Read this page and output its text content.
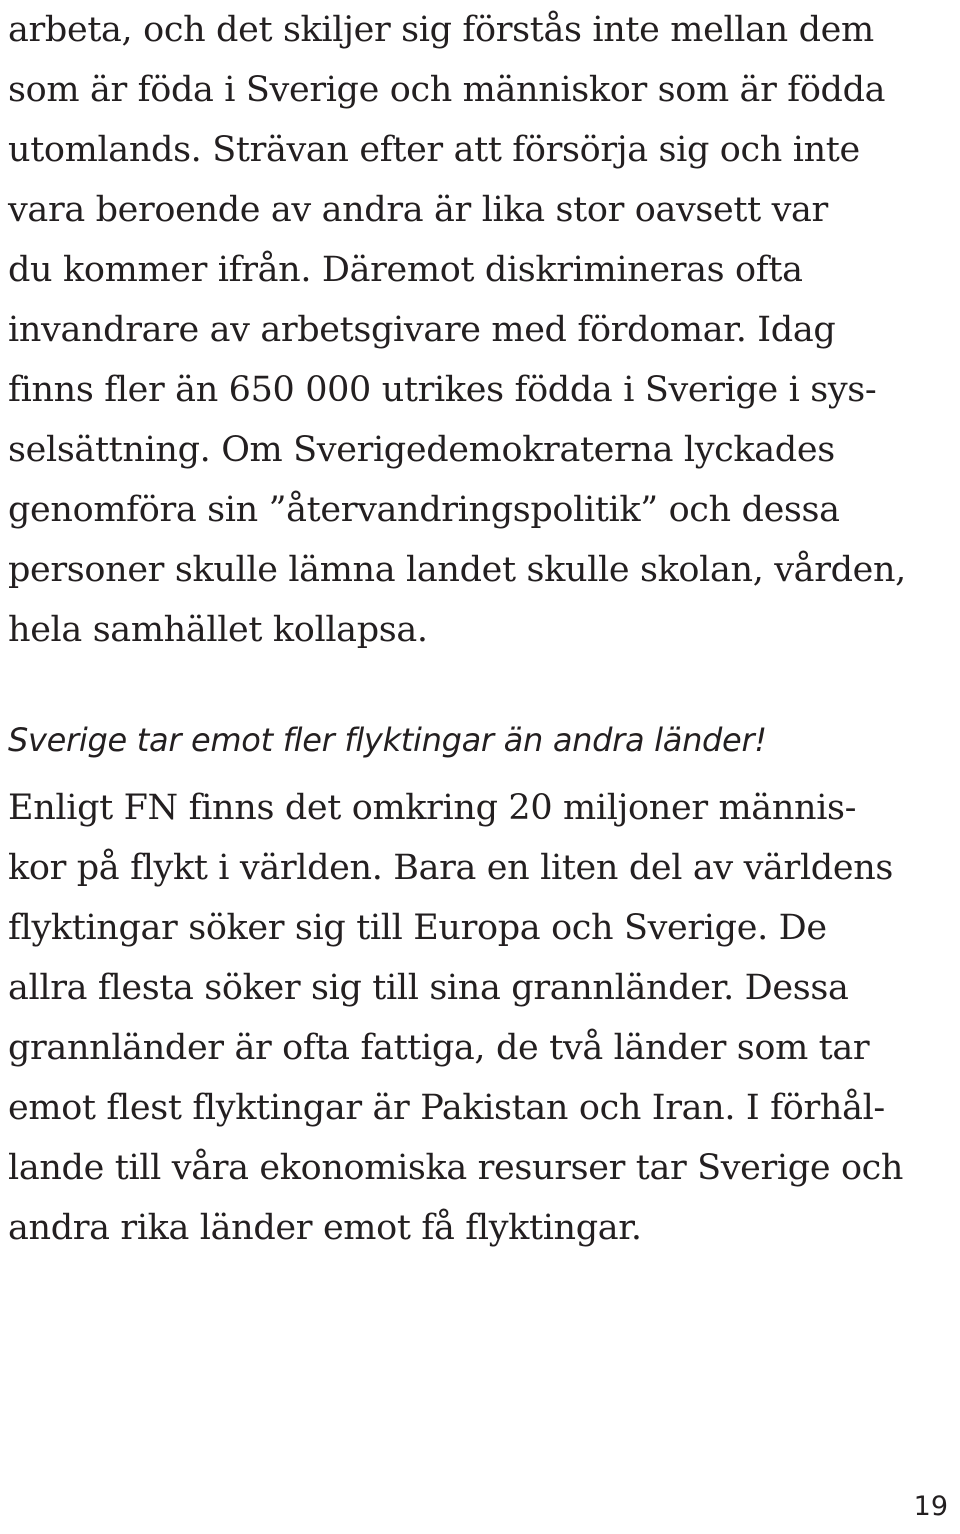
arbeta, och det skiljer sig förstås inte mellan dem
som är föda i Sverige och människor som är födda
utomlands. Strävan efter att försörja sig och inte
vara beroende av andra är lika stor oavsett var
du kommer ifrån. Däremot diskrimineras ofta
invandrare av arbetsgivare med fördomar. Idag
finns fler än 650 000 utrikes födda i Sverige i sys-
selsättning. Om Sverigedemokraterna lyckades
genomföra sin ”återvandringspolitik” och dessa
personer skulle lämna landet skulle skolan, vården,
hela samhället kollapsa.
Sverige tar emot fler flyktingar än andra länder!
Enligt FN finns det omkring 20 miljoner männis-
kor på flykt i världen. Bara en liten del av världens
flyktingar söker sig till Europa och Sverige. De
allra flesta söker sig till sina grannländer. Dessa
grannländer är ofta fattiga, de två länder som tar
emot flest flyktingar är Pakistan och Iran. I förhål-
lande till våra ekonomiska resurser tar Sverige och
andra rika länder emot få flyktingar.
19
